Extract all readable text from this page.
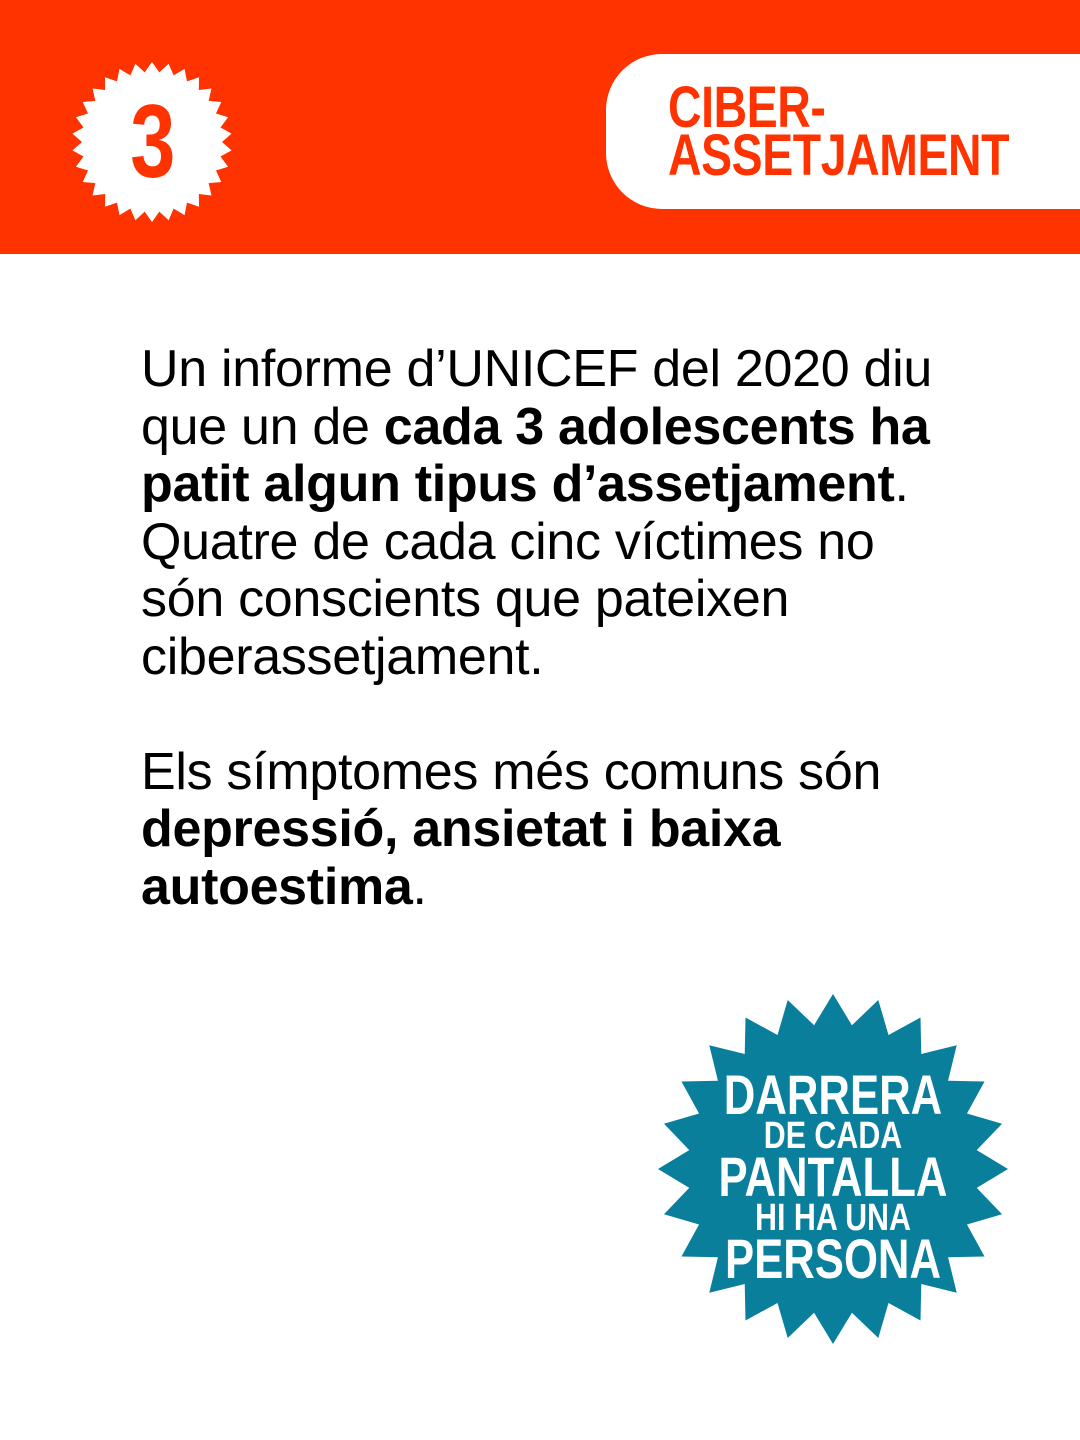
3	CIBER-
ASSETJAMENT

Un informe d’UNICEF del 2020 diu que un de cada 3 adolescents ha patit algun tipus d’assetjament. Quatre de cada cinc víctimes no són conscients que pateixen ciberassetjament.

Els símptomes més comuns són depressió, ansietat i baixa autoestima.

DARRERA
DE CADA
PANTALLA
HI HA UNA
PERSONA
